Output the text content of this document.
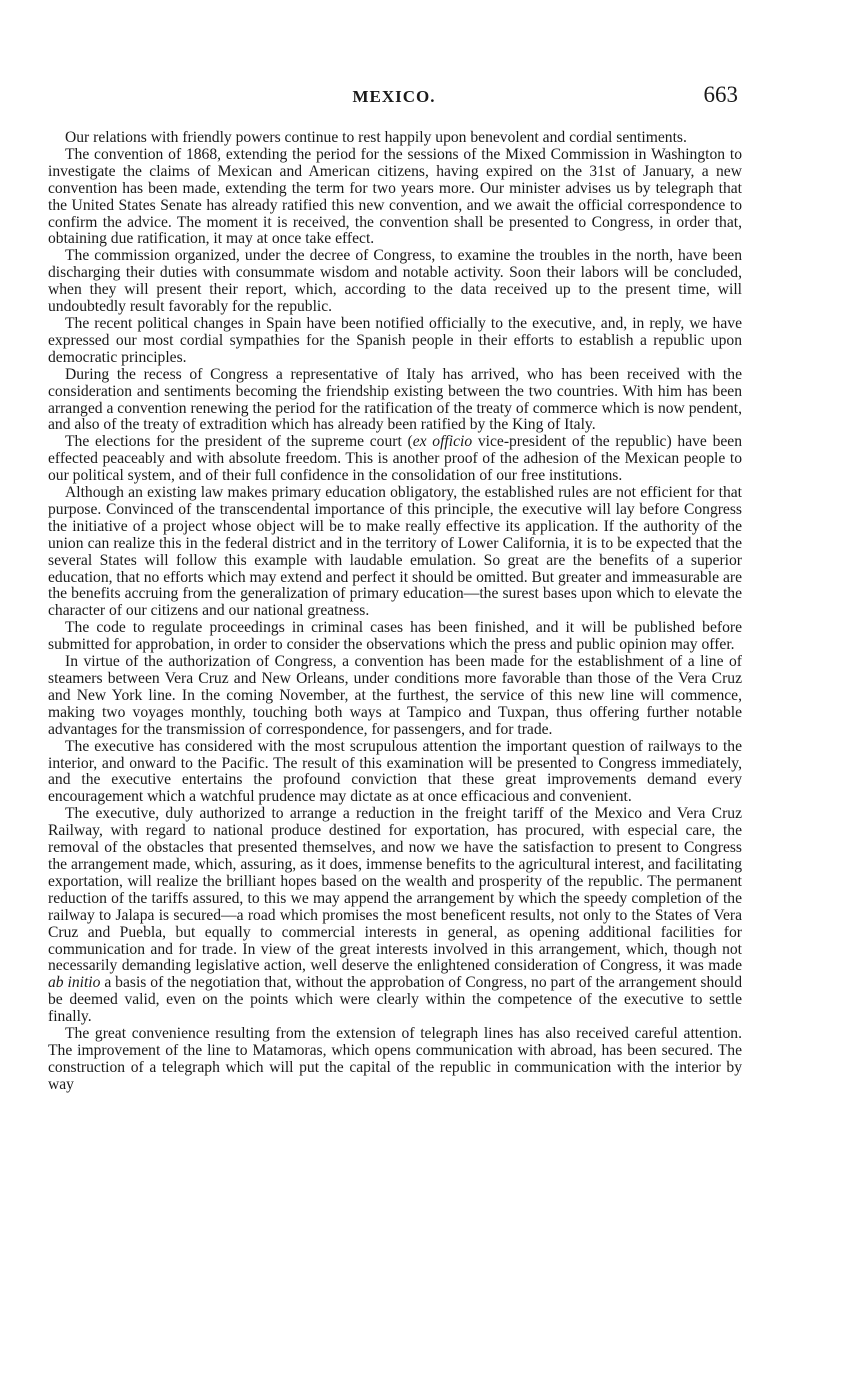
MEXICO.	663

Our relations with friendly powers continue to rest happily upon benevolent and cordial sentiments.

The convention of 1868, extending the period for the sessions of the Mixed Commission in Washington to investigate the claims of Mexican and American citizens, having expired on the 31st of January, a new convention has been made, extending the term for two years more. Our minister advises us by telegraph that the United States Senate has already ratified this new convention, and we await the official correspondence to confirm the advice. The moment it is received, the convention shall be presented to Congress, in order that, obtaining due ratification, it may at once take effect.

The commission organized, under the decree of Congress, to examine the troubles in the north, have been discharging their duties with consummate wisdom and notable activity. Soon their labors will be concluded, when they will present their report, which, according to the data received up to the present time, will undoubtedly result favorably for the republic.

The recent political changes in Spain have been notified officially to the executive, and, in reply, we have expressed our most cordial sympathies for the Spanish people in their efforts to establish a republic upon democratic principles.

During the recess of Congress a representative of Italy has arrived, who has been received with the consideration and sentiments becoming the friendship existing between the two countries. With him has been arranged a convention renewing the period for the ratification of the treaty of commerce which is now pendent, and also of the treaty of extradition which has already been ratified by the King of Italy.

The elections for the president of the supreme court (ex officio vice-president of the republic) have been effected peaceably and with absolute freedom. This is another proof of the adhesion of the Mexican people to our political system, and of their full confidence in the consolidation of our free institutions.

Although an existing law makes primary education obligatory, the established rules are not efficient for that purpose. Convinced of the transcendental importance of this principle, the executive will lay before Congress the initiative of a project whose object will be to make really effective its application. If the authority of the union can realize this in the federal district and in the territory of Lower California, it is to be expected that the several States will follow this example with laudable emulation. So great are the benefits of a superior education, that no efforts which may extend and perfect it should be omitted. But greater and immeasurable are the benefits accruing from the generalization of primary education—the surest bases upon which to elevate the character of our citizens and our national greatness.

The code to regulate proceedings in criminal cases has been finished, and it will be published before submitted for approbation, in order to consider the observations which the press and public opinion may offer.

In virtue of the authorization of Congress, a convention has been made for the establishment of a line of steamers between Vera Cruz and New Orleans, under conditions more favorable than those of the Vera Cruz and New York line. In the coming November, at the furthest, the service of this new line will commence, making two voyages monthly, touching both ways at Tampico and Tuxpan, thus offering further notable advantages for the transmission of correspondence, for passengers, and for trade.

The executive has considered with the most scrupulous attention the important question of railways to the interior, and onward to the Pacific. The result of this examination will be presented to Congress immediately, and the executive entertains the profound conviction that these great improvements demand every encouragement which a watchful prudence may dictate as at once efficacious and convenient.

The executive, duly authorized to arrange a reduction in the freight tariff of the Mexico and Vera Cruz Railway, with regard to national produce destined for exportation, has procured, with especial care, the removal of the obstacles that presented themselves, and now we have the satisfaction to present to Congress the arrangement made, which, assuring, as it does, immense benefits to the agricultural interest, and facilitating exportation, will realize the brilliant hopes based on the wealth and prosperity of the republic. The permanent reduction of the tariffs assured, to this we may append the arrangement by which the speedy completion of the railway to Jalapa is secured—a road which promises the most beneficent results, not only to the States of Vera Cruz and Puebla, but equally to commercial interests in general, as opening additional facilities for communication and for trade. In view of the great interests involved in this arrangement, which, though not necessarily demanding legislative action, well deserve the enlightened consideration of Congress, it was made ab initio a basis of the negotiation that, without the approbation of Congress, no part of the arrangement should be deemed valid, even on the points which were clearly within the competence of the executive to settle finally.

The great convenience resulting from the extension of telegraph lines has also received careful attention. The improvement of the line to Matamoras, which opens communication with abroad, has been secured. The construction of a telegraph which will put the capital of the republic in communication with the interior by way
